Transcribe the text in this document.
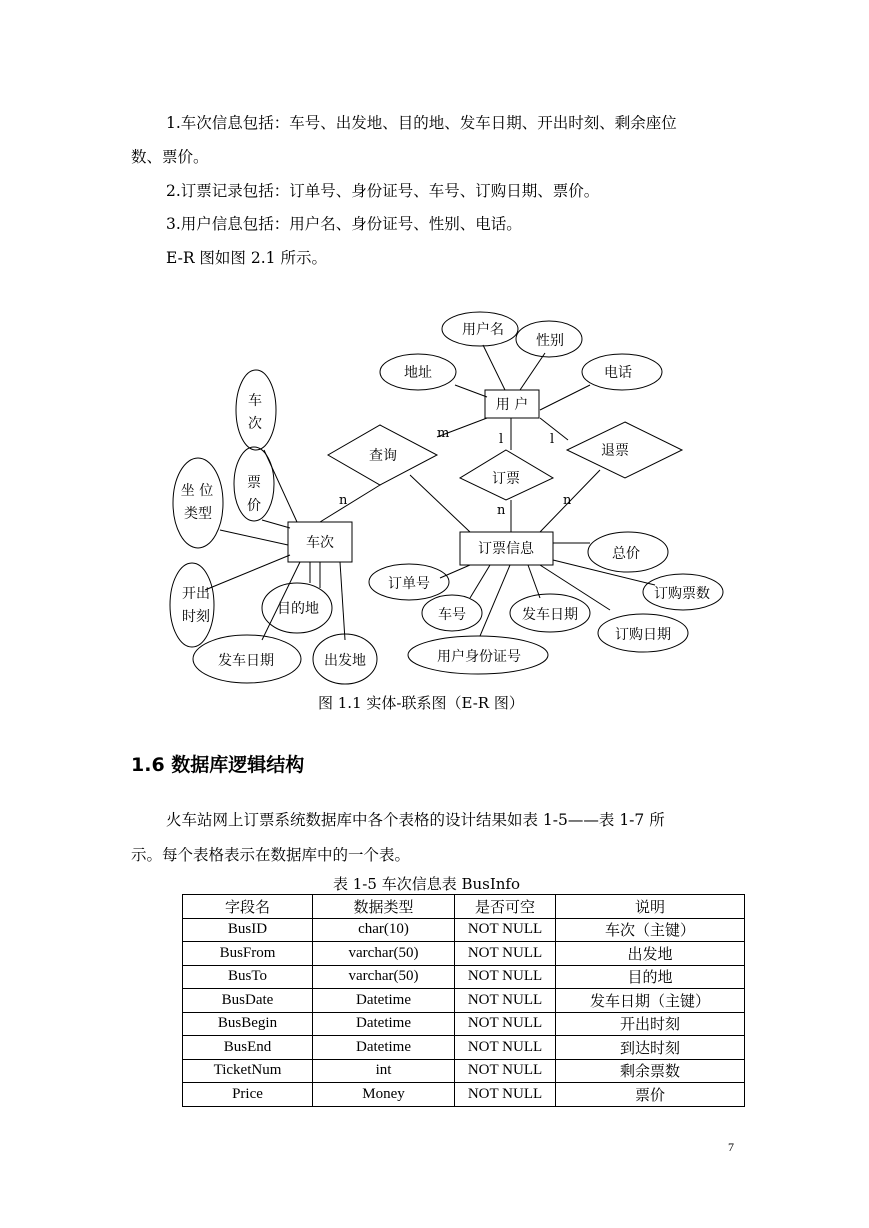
1.车次信息包括：车号、出发地、目的地、发车日期、开出时刻、剩余座位
数、票价。
2.订票记录包括：订单号、身份证号、车号、订购日期、票价。
3.用户信息包括：用户名、身份证号、性别、电话。
E-R 图如图 2.1 所示。
用 户
车次	订票信息
查询
订票
退票
m	l	l
n
n
n
用户名
性别
地址	电话
车
次
票
价
坐 位
类型
开出
时刻	目的地
发车日期	出发地
订单号
总价
订购票数
车号	发车日期
订购日期
用户身份证号
图 1.1 实体-联系图（E-R 图）
1.6 数据库逻辑结构
火车站网上订票系统数据库中各个表格的设计结果如表 1-5——表 1-7 所
示。每个表格表示在数据库中的一个表。
表 1-5 车次信息表 BusInfo
字段名	数据类型	是否可空	说明
BusID	char(10)	NOT NULL	车次（主键）
BusFrom	varchar(50)	NOT NULL	出发地
BusTo	varchar(50)	NOT NULL	目的地
BusDate	Datetime	NOT NULL	发车日期（主键）
BusBegin	Datetime	NOT NULL	开出时刻
BusEnd	Datetime	NOT NULL	到达时刻
TicketNum	int	NOT NULL	剩余票数
Price	Money	NOT NULL	票价
7
